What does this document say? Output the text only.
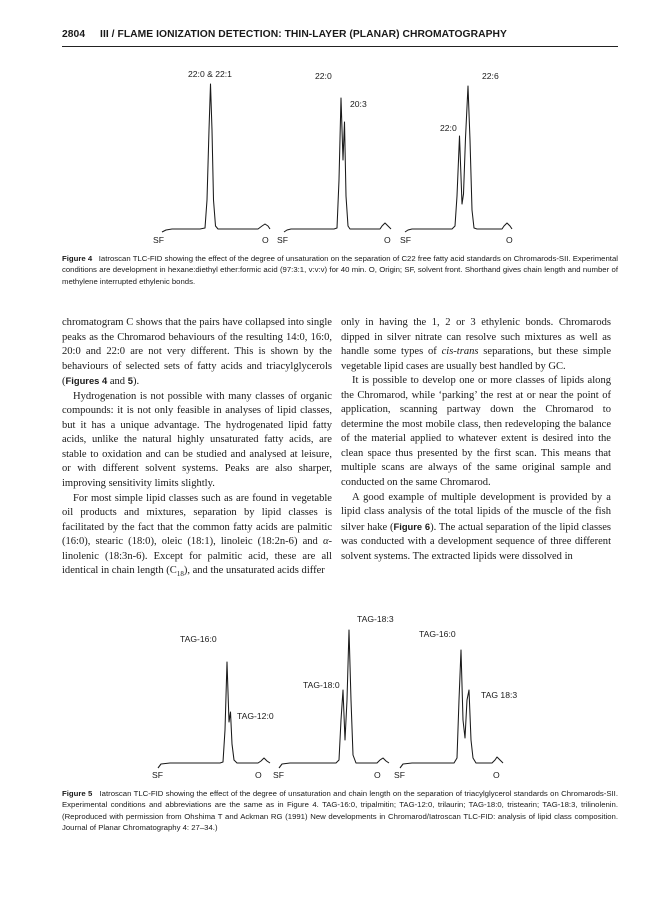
2804 III / FLAME IONIZATION DETECTION: THIN-LAYER (PLANAR) CHROMATOGRAPHY
22:0 & 22:1	22:0
20:3
22:0
22:6
SF	O SF	O SF	O
Figure 4 Iatroscan TLC-FID showing the effect of the degree of unsaturation on the separation of C22 free fatty acid standards on Chromarods-SII. Experimental conditions are development in hexane:diethyl ether:formic acid (97:3:1, v:v:v) for 40 min. O, Origin; SF, solvent front. Shorthand gives chain length and number of methylene interrupted ethylenic bonds.

chromatogram C shows that the pairs have collapsed into single peaks as the Chromarod behaviours of the resulting 14:0, 16:0, 20:0 and 22:0 are not very different. This is shown by the behaviours of selected sets of fatty acids and triacylglycerols (Figures 4 and 5).

Hydrogenation is not possible with many classes of organic compounds: it is not only feasible in analyses of lipid classes, but it has a unique advantage. The hydrogenated lipid fatty acids, unlike the natural highly unsaturated fatty acids, are stable to oxidation and can be studied and analysed at leisure, or with different solvent systems. Peaks are also sharper, improving sensitivity limits slightly.

For most simple lipid classes such as are found in vegetable oil products and mixtures, separation by lipid classes is facilitated by the fact that the common fatty acids are palmitic (16:0), stearic (18:0), oleic (18:1), linoleic (18:2n-6) and α-linolenic (18:3n-6). Except for palmitic acid, these are all identical in chain length $(C_{18})$, and the unsaturated acids differ

only in having the 1, 2 or 3 ethylenic bonds. Chromarods dipped in silver nitrate can resolve such mixtures as well as handle some types of cis-trans separations, but these simple vegetable lipid cases are usually best handled by GC.

It is possible to develop one or more classes of lipids along the Chromarod, while ‘parking’ the rest at or near the point of application, scanning partway down the Chromarod to determine the most mobile class, then redeveloping the balance of the material applied to whatever extent is desired into the clean space thus presented by the first scan. This means that multiple scans are always of the same original sample and conducted on the same Chromarod.

A good example of multiple development is provided by a lipid class analysis of the total lipids of the muscle of the fish silver hake (Figure 6). The actual separation of the lipid classes was conducted with a development sequence of three different solvent systems. The extracted lipids were dissolved in

TAG-16:0
TAG-12:0
TAG-18:0
TAG-18:3
TAG-16:0
TAG 18:3
SF	O SF	O SF	O
Figure 5 Iatroscan TLC-FID showing the effect of the degree of unsaturation and chain length on the separation of triacylglycerol standards on Chromarods-SII. Experimental conditions and abbreviations are the same as in Figure 4. TAG-16:0, tripalmitin; TAG-12:0, trilaurin; TAG-18:0, tristearin; TAG-18:3, trilinolenin. (Reproduced with permission from Ohshima T and Ackman RG (1991) New developments in Chromarod/Iatroscan TLC-FID: analysis of lipid class composition. Journal of Planar Chromatography 4: 27–34.)
